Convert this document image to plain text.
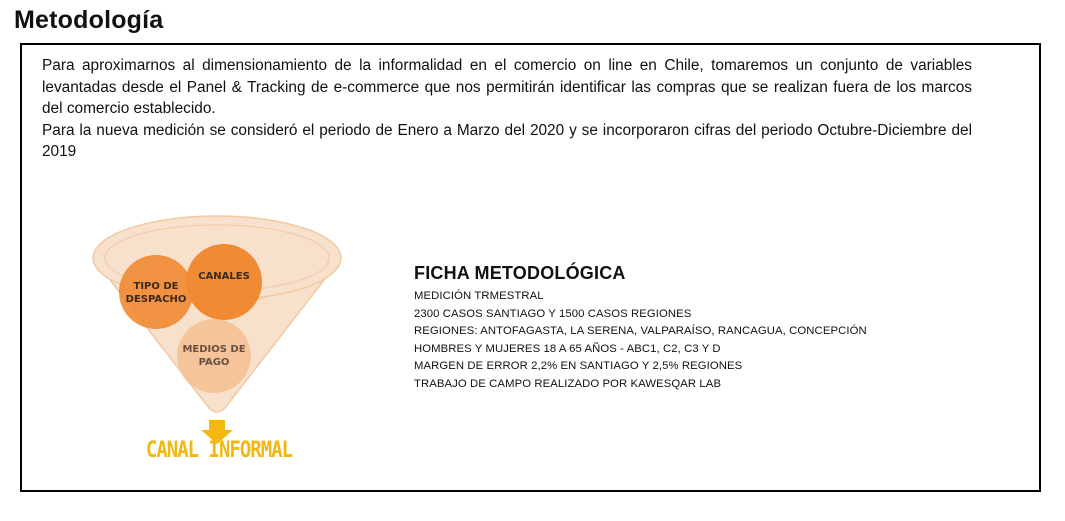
Metodología

Para aproximarnos al dimensionamiento de la informalidad en el comercio on line en Chile, tomaremos un conjunto de variables levantadas desde el Panel & Tracking de e-commerce que nos permitirán identificar las compras que se realizan fuera de los marcos del comercio establecido.

Para la nueva medición se consideró el periodo de Enero a Marzo del 2020 y se incorporaron cifras del periodo Octubre-Diciembre del 2019

TIPO DE
DESPACHO
CANALES
MEDIOS DE
PAGO
CANAL INFORMAL
FICHA METODOLÓGICA
MEDICIÓN TRMESTRAL
2300 CASOS SANTIAGO Y 1500 CASOS REGIONES
REGIONES: ANTOFAGASTA, LA SERENA, VALPARAÍSO, RANCAGUA, CONCEPCIÓN
HOMBRES Y MUJERES 18 A 65 AÑOS - ABC1, C2, C3 Y D
MARGEN DE ERROR 2,2% EN SANTIAGO Y 2,5% REGIONES
TRABAJO DE CAMPO REALIZADO POR KAWESQAR LAB
